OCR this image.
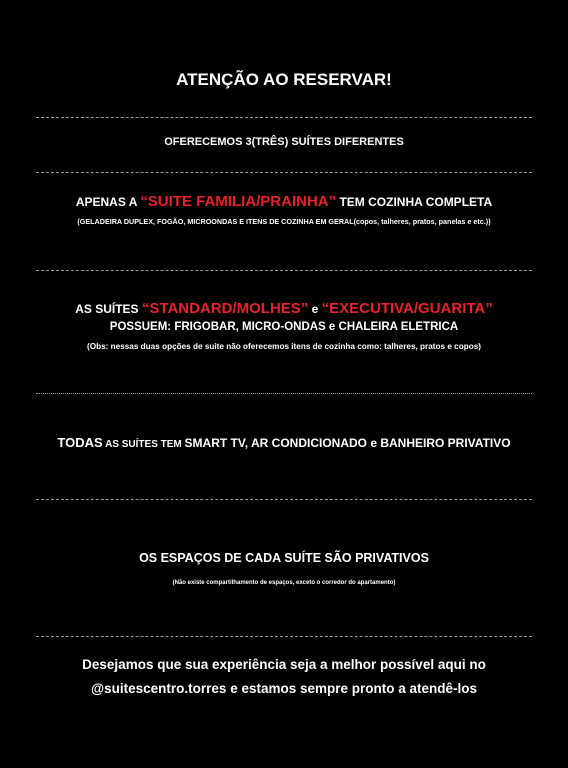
ATENÇÃO AO RESERVAR!
OFERECEMOS 3(TRÊS) SUÍTES DIFERENTES
APENAS A “SUITE FAMILIA/PRAINHA” TEM COZINHA COMPLETA
(GELADEIRA DUPLEX, FOGÃO, MICROONDAS E ITENS DE COZINHA EM GERAL(copos, talheres, pratos, panelas e etc.))
AS SUÍTES “STANDARD/MOLHES” e “EXECUTIVA/GUARITA”
POSSUEM: FRIGOBAR, MICRO-ONDAS e CHALEIRA ELETRICA
(Obs: nessas duas opções de suite não oferecemos itens de cozinha como: talheres, pratos e copos)
TODAS AS SUÍTES TEM SMART TV, AR CONDICIONADO e BANHEIRO PRIVATIVO
OS ESPAÇOS DE CADA SUÍTE SÃO PRIVATIVOS
(Não existe compartilhamento de espaços, exceto o corredor do apartamento)
Desejamos que sua experiência seja a melhor possível aqui no
@suitescentro.torres e estamos sempre pronto a atendê-los
